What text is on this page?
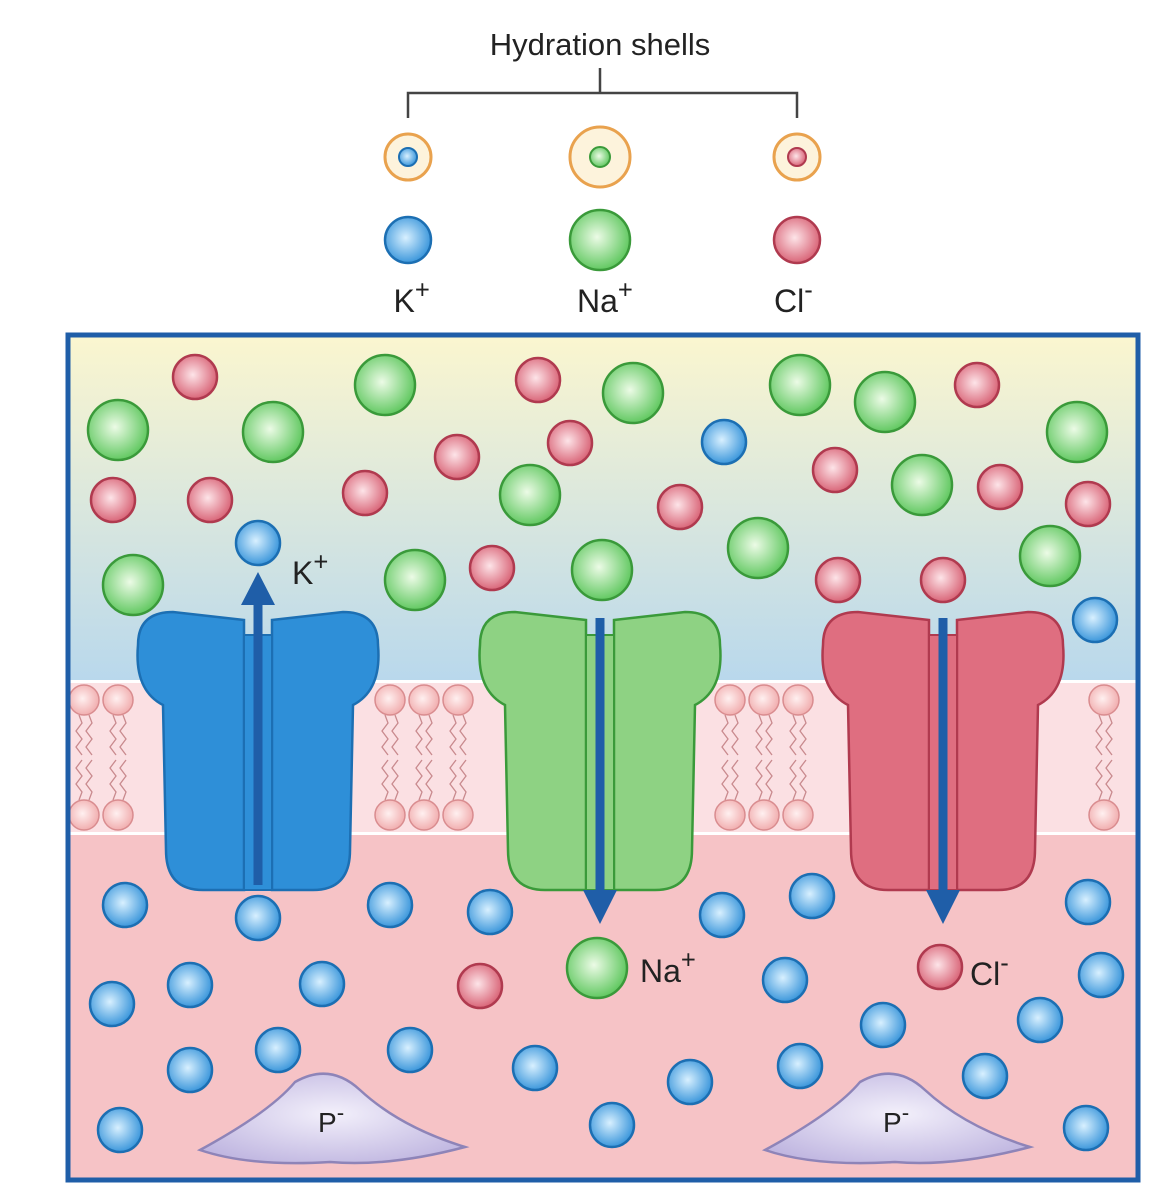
Hydration shells
K+	Na+	Cl-
P-	P-
K+
Na+	Cl-
